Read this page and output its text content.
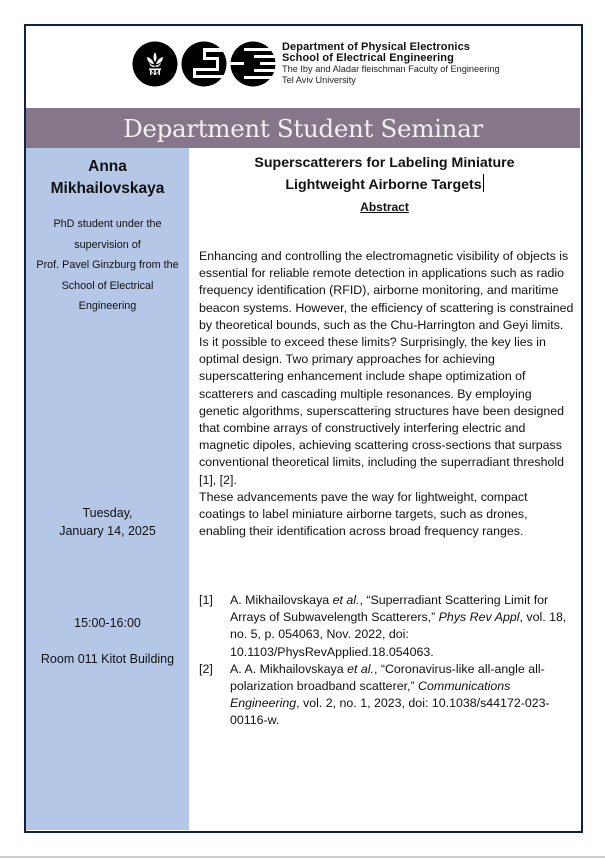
Department of Physical Electronics
School of Electrical Engineering
The Iby and Aladar fleischman Faculty of Engineering
Tel Aviv University
Department Student Seminar
Anna
Mikhailovskaya
PhD student under the
supervision of
Prof. Pavel Ginzburg from the
School of Electrical
Engineering
Tuesday,
January 14, 2025
15:00-16:00
Room 011 Kitot Building
Superscatterers for Labeling Miniature
Lightweight Airborne Targets
Abstract

Enhancing and controlling the electromagnetic visibility of objects is essential for reliable remote detection in applications such as radio frequency identification (RFID), airborne monitoring, and maritime beacon systems. However, the efficiency of scattering is constrained by theoretical bounds, such as the Chu-Harrington and Geyi limits.

Is it possible to exceed these limits? Surprisingly, the key lies in optimal design. Two primary approaches for achieving superscattering enhancement include shape optimization of scatterers and cascading multiple resonances. By employing genetic algorithms, superscattering structures have been designed that combine arrays of constructively interfering electric and magnetic dipoles, achieving scattering cross-sections that surpass conventional theoretical limits, including the superradiant threshold [1], [2].

These advancements pave the way for lightweight, compact coatings to label miniature airborne targets, such as drones, enabling their identification across broad frequency ranges.

[1]	A. Mikhailovskaya et al., “Superradiant Scattering Limit for Arrays of Subwavelength Scatterers,” Phys Rev Appl, vol. 18, no. 5, p. 054063, Nov. 2022, doi: 10.1103/PhysRevApplied.18.054063.
[2]	A. A. Mikhailovskaya et al., “Coronavirus-like all-angle all-polarization broadband scatterer,” Communications Engineering, vol. 2, no. 1, 2023, doi: 10.1038/s44172-023-00116-w.
